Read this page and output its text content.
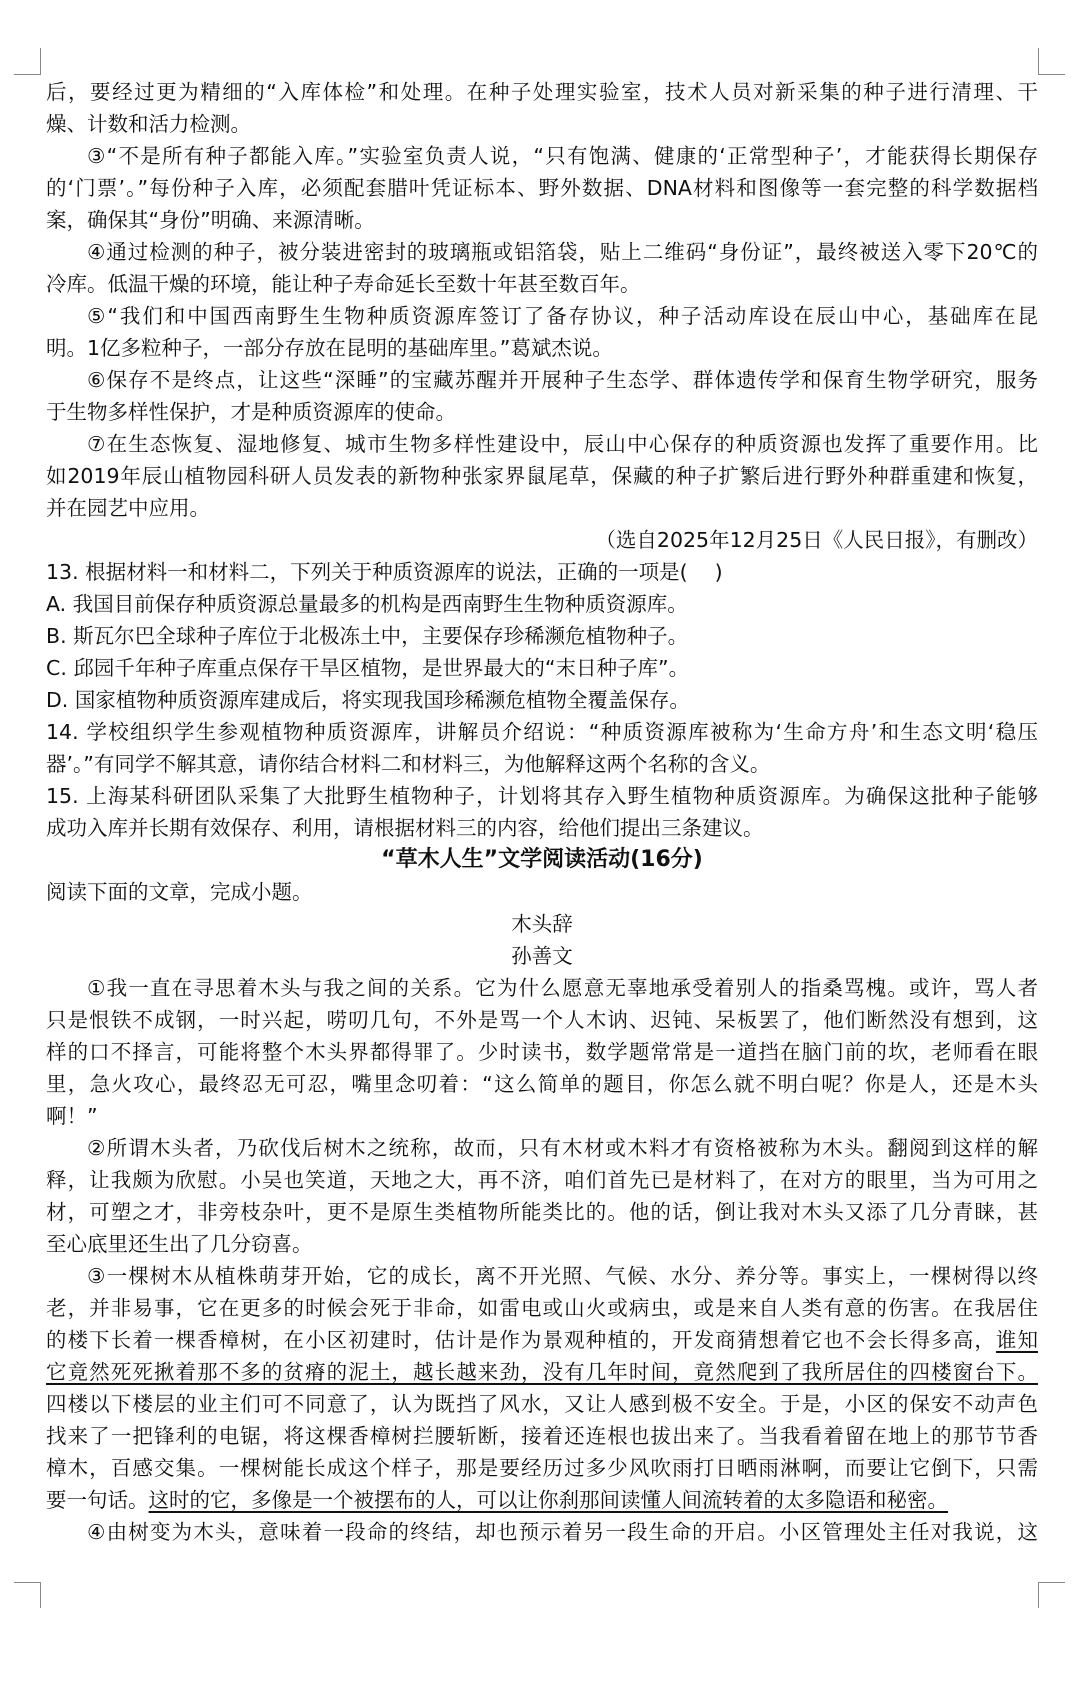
后，要经过更为精细的“入库体检”和处理。在种子处理实验室，技术人员对新采集的种子进行清理、干
燥、计数和活力检测。
③“不是所有种子都能入库。”实验室负责人说，“只有饱满、健康的‘正常型种子’，才能获得长期保存
的‘门票’。”每份种子入库，必须配套腊叶凭证标本、野外数据、DNA材料和图像等一套完整的科学数据档
案，确保其“身份”明确、来源清晰。
④通过检测的种子，被分装进密封的玻璃瓶或铝箔袋，贴上二维码“身份证”，最终被送入零下20℃的
冷库。低温干燥的环境，能让种子寿命延长至数十年甚至数百年。
⑤“我们和中国西南野生生物种质资源库签订了备存协议，种子活动库设在辰山中心，基础库在昆
明。1亿多粒种子，一部分存放在昆明的基础库里。”葛斌杰说。
⑥保存不是终点，让这些“深睡”的宝藏苏醒并开展种子生态学、群体遗传学和保育生物学研究，服务
于生物多样性保护，才是种质资源库的使命。
⑦在生态恢复、湿地修复、城市生物多样性建设中，辰山中心保存的种质资源也发挥了重要作用。比
如2019年辰山植物园科研人员发表的新物种张家界鼠尾草，保藏的种子扩繁后进行野外种群重建和恢复，
并在园艺中应用。
（选自2025年12月25日《人民日报》，有删改）
13. 根据材料一和材料二，下列关于种质资源库的说法，正确的一项是(　 )
A. 我国目前保存种质资源总量最多的机构是西南野生生物种质资源库。
B. 斯瓦尔巴全球种子库位于北极冻土中，主要保存珍稀濒危植物种子。
C. 邱园千年种子库重点保存干旱区植物，是世界最大的“末日种子库”。
D. 国家植物种质资源库建成后，将实现我国珍稀濒危植物全覆盖保存。
14. 学校组织学生参观植物种质资源库，讲解员介绍说：“种质资源库被称为‘生命方舟’和生态文明‘稳压
器’。”有同学不解其意，请你结合材料二和材料三，为他解释这两个名称的含义。
15. 上海某科研团队采集了大批野生植物种子，计划将其存入野生植物种质资源库。为确保这批种子能够
成功入库并长期有效保存、利用，请根据材料三的内容，给他们提出三条建议。
“草木人生”文学阅读活动(16分)
阅读下面的文章，完成小题。
木头辞
孙善文
①我一直在寻思着木头与我之间的关系。它为什么愿意无辜地承受着别人的指桑骂槐。或许，骂人者
只是恨铁不成钢，一时兴起，唠叨几句，不外是骂一个人木讷、迟钝、呆板罢了，他们断然没有想到，这
样的口不择言，可能将整个木头界都得罪了。少时读书，数学题常常是一道挡在脑门前的坎，老师看在眼
里，急火攻心，最终忍无可忍，嘴里念叨着：“这么简单的题目，你怎么就不明白呢？你是人，还是木头
啊！”
②所谓木头者，乃砍伐后树木之统称，故而，只有木材或木料才有资格被称为木头。翻阅到这样的解
释，让我颇为欣慰。小吴也笑道，天地之大，再不济，咱们首先已是材料了，在对方的眼里，当为可用之
材，可塑之才，非旁枝杂叶，更不是原生类植物所能类比的。他的话，倒让我对木头又添了几分青睐，甚
至心底里还生出了几分窃喜。
③一棵树木从植株萌芽开始，它的成长，离不开光照、气候、水分、养分等。事实上，一棵树得以终
老，并非易事，它在更多的时候会死于非命，如雷电或山火或病虫，或是来自人类有意的伤害。在我居住
的楼下长着一棵香樟树，在小区初建时，估计是作为景观种植的，开发商猜想着它也不会长得多高，谁知
它竟然死死揪着那不多的贫瘠的泥土，越长越来劲，没有几年时间，竟然爬到了我所居住的四楼窗台下。
四楼以下楼层的业主们可不同意了，认为既挡了风水，又让人感到极不安全。于是，小区的保安不动声色
找来了一把锋利的电锯，将这棵香樟树拦腰斩断，接着还连根也拔出来了。当我看着留在地上的那节节香
樟木，百感交集。一棵树能长成这个样子，那是要经历过多少风吹雨打日晒雨淋啊，而要让它倒下，只需
要一句话。这时的它，多像是一个被摆布的人，可以让你刹那间读懂人间流转着的太多隐语和秘密。
④由树变为木头，意味着一段命的终结，却也预示着另一段生命的开启。小区管理处主任对我说，这
